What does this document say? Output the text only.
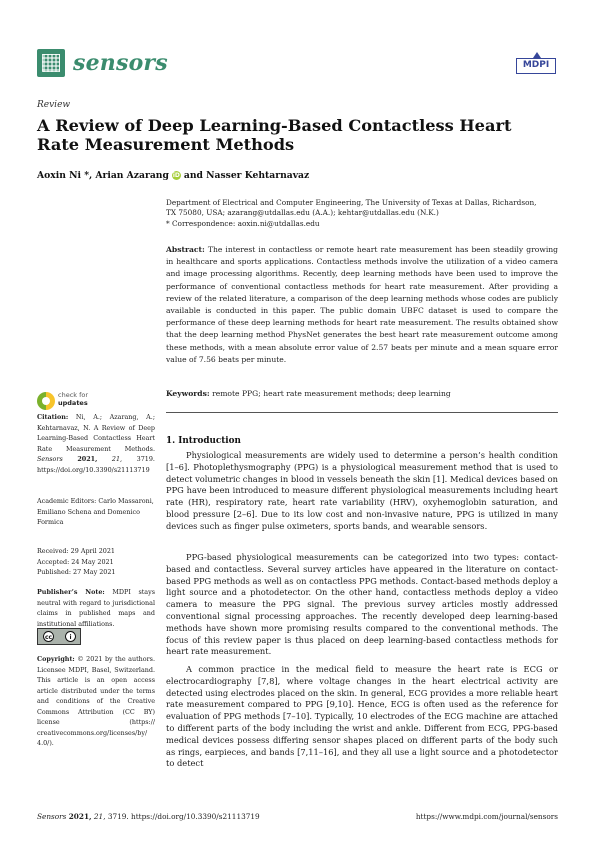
sensors	MDPI
Review
A Review of Deep Learning-Based Contactless Heart Rate Measurement Methods
Aoxin Ni *, Arian Azarang iD and Nasser Kehtarnavaz
Department of Electrical and Computer Engineering, The University of Texas at Dallas, Richardson,
TX 75080, USA; azarang@utdallas.edu (A.A.); kehtar@utdallas.edu (N.K.)
* Correspondence: aoxin.ni@utdallas.edu
Abstract: The interest in contactless or remote heart rate measurement has been steadily growing in healthcare and sports applications. Contactless methods involve the utilization of a video camera and image processing algorithms. Recently, deep learning methods have been used to improve the performance of conventional contactless methods for heart rate measurement. After providing a review of the related literature, a comparison of the deep learning methods whose codes are publicly available is conducted in this paper. The public domain UBFC dataset is used to compare the performance of these deep learning methods for heart rate measurement. The results obtained show that the deep learning method PhysNet generates the best heart rate measurement outcome among these methods, with a mean absolute error value of 2.57 beats per minute and a mean square error value of 7.56 beats per minute.
Keywords: remote PPG; heart rate measurement methods; deep learning
check for
updates
Citation: Ni, A.; Azarang, A.; Kehtarnavaz, N. A Review of Deep Learning-Based Contactless Heart Rate Measurement Methods. Sensors 2021, 21, 3719. https://doi.org/10.3390/s21113719
Academic Editors: Carlo Massaroni, Emiliano Schena and Domenico Formica
Received: 29 April 2021
Accepted: 24 May 2021
Published: 27 May 2021
Publisher’s Note: MDPI stays neutral with regard to jurisdictional claims in published maps and institutional affiliations.
cc	i
Copyright: © 2021 by the authors. Licensee MDPI, Basel, Switzerland. This article is an open access article distributed under the terms and conditions of the Creative Commons Attribution (CC BY) license (https:// creativecommons.org/licenses/by/ 4.0/).
1. Introduction

Physiological measurements are widely used to determine a person’s health condition [1–6]. Photoplethysmography (PPG) is a physiological measurement method that is used to detect volumetric changes in blood in vessels beneath the skin [1]. Medical devices based on PPG have been introduced to measure different physiological measurements including heart rate (HR), respiratory rate, heart rate variability (HRV), oxyhemoglobin saturation, and blood pressure [2–6]. Due to its low cost and non-invasive nature, PPG is utilized in many devices such as finger pulse oximeters, sports bands, and wearable sensors.

PPG-based physiological measurements can be categorized into two types: contact-based and contactless. Several survey articles have appeared in the literature on contact-based PPG methods as well as on contactless PPG methods. Contact-based methods deploy a light source and a photodetector. On the other hand, contactless methods deploy a video camera to measure the PPG signal. The previous survey articles mostly addressed conventional signal processing approaches. The recently developed deep learning-based methods have shown more promising results compared to the conventional methods. The focus of this review paper is thus placed on deep learning-based contactless methods for heart rate measurement.

A common practice in the medical field to measure the heart rate is ECG or electrocardiography [7,8], where voltage changes in the heart electrical activity are detected using electrodes placed on the skin. In general, ECG provides a more reliable heart rate measurement compared to PPG [9,10]. Hence, ECG is often used as the reference for evaluation of PPG methods [7–10]. Typically, 10 electrodes of the ECG machine are attached to different parts of the body including the wrist and ankle. Different from ECG, PPG-based medical devices possess differing sensor shapes placed on different parts of the body such as rings, earpieces, and bands [7,11–16], and they all use a light source and a photodetector to detect

Sensors 2021, 21, 3719. https://doi.org/10.3390/s21113719	https://www.mdpi.com/journal/sensors
